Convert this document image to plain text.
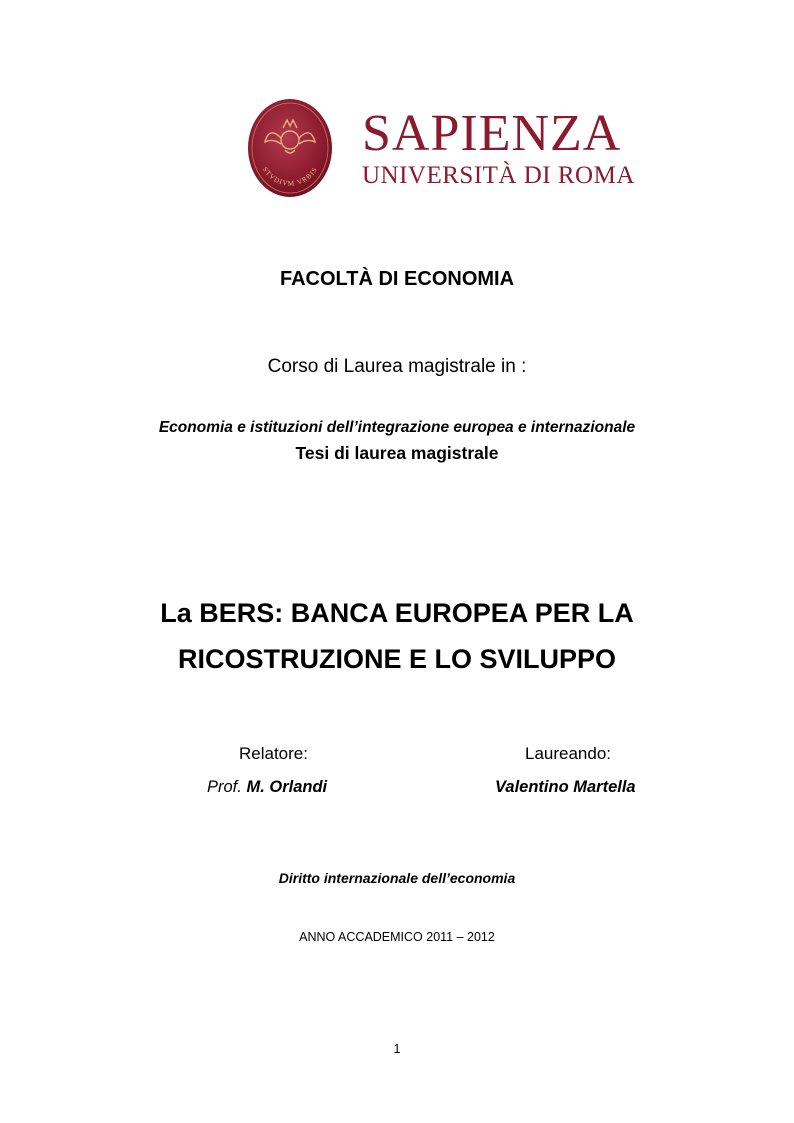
STVDIVM VRBIS
SAPIENZA
UNIVERSITÀ DI ROMA
FACOLTÀ DI ECONOMIA
Corso di Laurea magistrale in :
Economia e istituzioni dell’integrazione europea e internazionale
Tesi di laurea magistrale
La BERS: BANCA EUROPEA PER LA
RICOSTRUZIONE E LO SVILUPPO
Relatore:
Prof. M. Orlandi
Laureando:
Valentino Martella
Diritto internazionale dell’economia
ANNO ACCADEMICO 2011 – 2012
1
